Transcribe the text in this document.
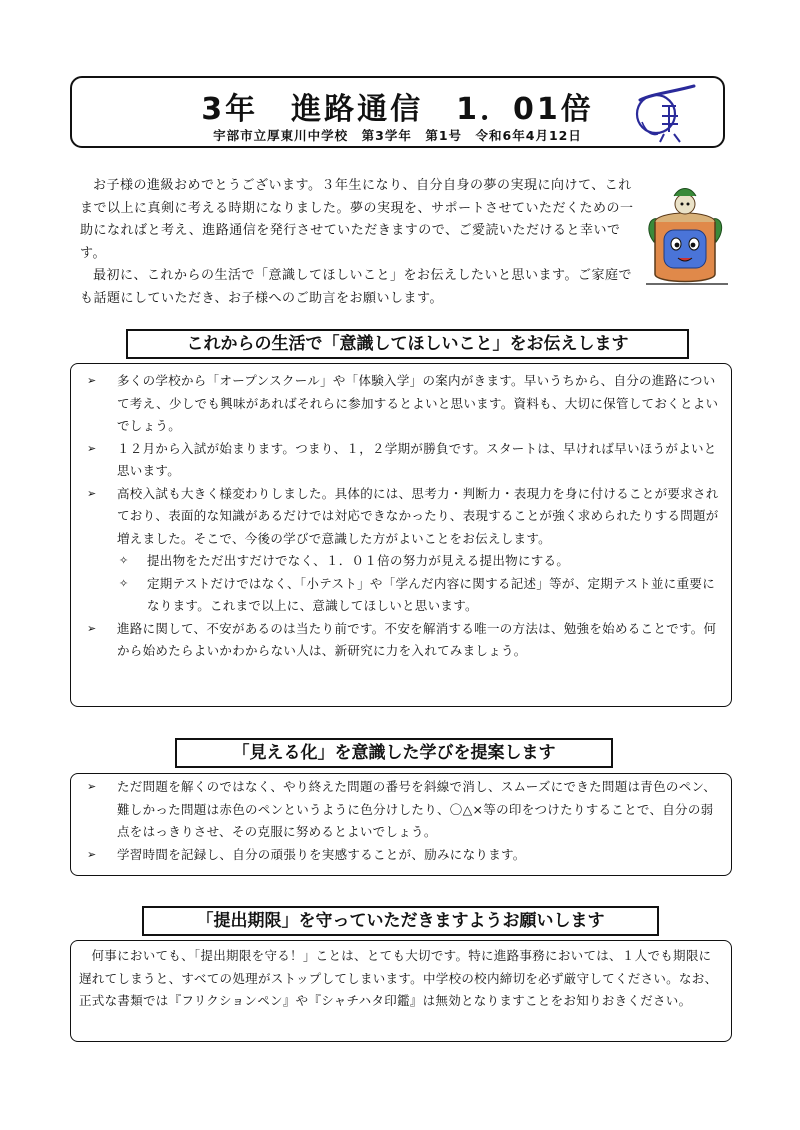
3年　進路通信　1．01倍
宇部市立厚東川中学校　第3学年　第1号　令和6年4月12日

お子様の進級おめでとうございます。３年生になり、自分自身の夢の実現に向けて、これまで以上に真剣に考える時期になりました。夢の実現を、サポートさせていただくための一助になればと考え、進路通信を発行させていただきますので、ご愛読いただけると幸いです。

最初に、これからの生活で「意識してほしいこと」をお伝えしたいと思います。ご家庭でも話題にしていただき、お子様へのご助言をお願いします。

これからの生活で「意識してほしいこと」をお伝えします
➢ 多くの学校から「オープンスクール」や「体験入学」の案内がきます。早いうちから、自分の進路について考え、少しでも興味があればそれらに参加するとよいと思います。資料も、大切に保管しておくとよいでしょう。
➢ １２月から入試が始まります。つまり、１，２学期が勝負です。スタートは、早ければ早いほうがよいと思います。
➢ 高校入試も大きく様変わりしました。具体的には、思考力・判断力・表現力を身に付けることが要求されており、表面的な知識があるだけでは対応できなかったり、表現することが強く求められたりする問題が増えました。そこで、今後の学びで意識した方がよいことをお伝えします。
✧ 提出物をただ出すだけでなく、１．０１倍の努力が見える提出物にする。
✧ 定期テストだけではなく、「小テスト」や「学んだ内容に関する記述」等が、定期テスト並に重要になります。これまで以上に、意識してほしいと思います。
➢ 進路に関して、不安があるのは当たり前です。不安を解消する唯一の方法は、勉強を始めることです。何から始めたらよいかわからない人は、新研究に力を入れてみましょう。
「見える化」を意識した学びを提案します
➢ ただ問題を解くのではなく、やり終えた問題の番号を斜線で消し、スムーズにできた問題は青色のペン、難しかった問題は赤色のペンというように色分けしたり、〇△×等の印をつけたりすることで、自分の弱点をはっきりさせ、その克服に努めるとよいでしょう。
➢ 学習時間を記録し、自分の頑張りを実感することが、励みになります。
「提出期限」を守っていただきますようお願いします
何事においても、「提出期限を守る！」ことは、とても大切です。特に進路事務においては、１人でも期限に遅れてしまうと、すべての処理がストップしてしまいます。中学校の校内締切を必ず厳守してください。なお、正式な書類では『フリクションペン』や『シャチハタ印鑑』は無効となりますことをお知りおきください。
